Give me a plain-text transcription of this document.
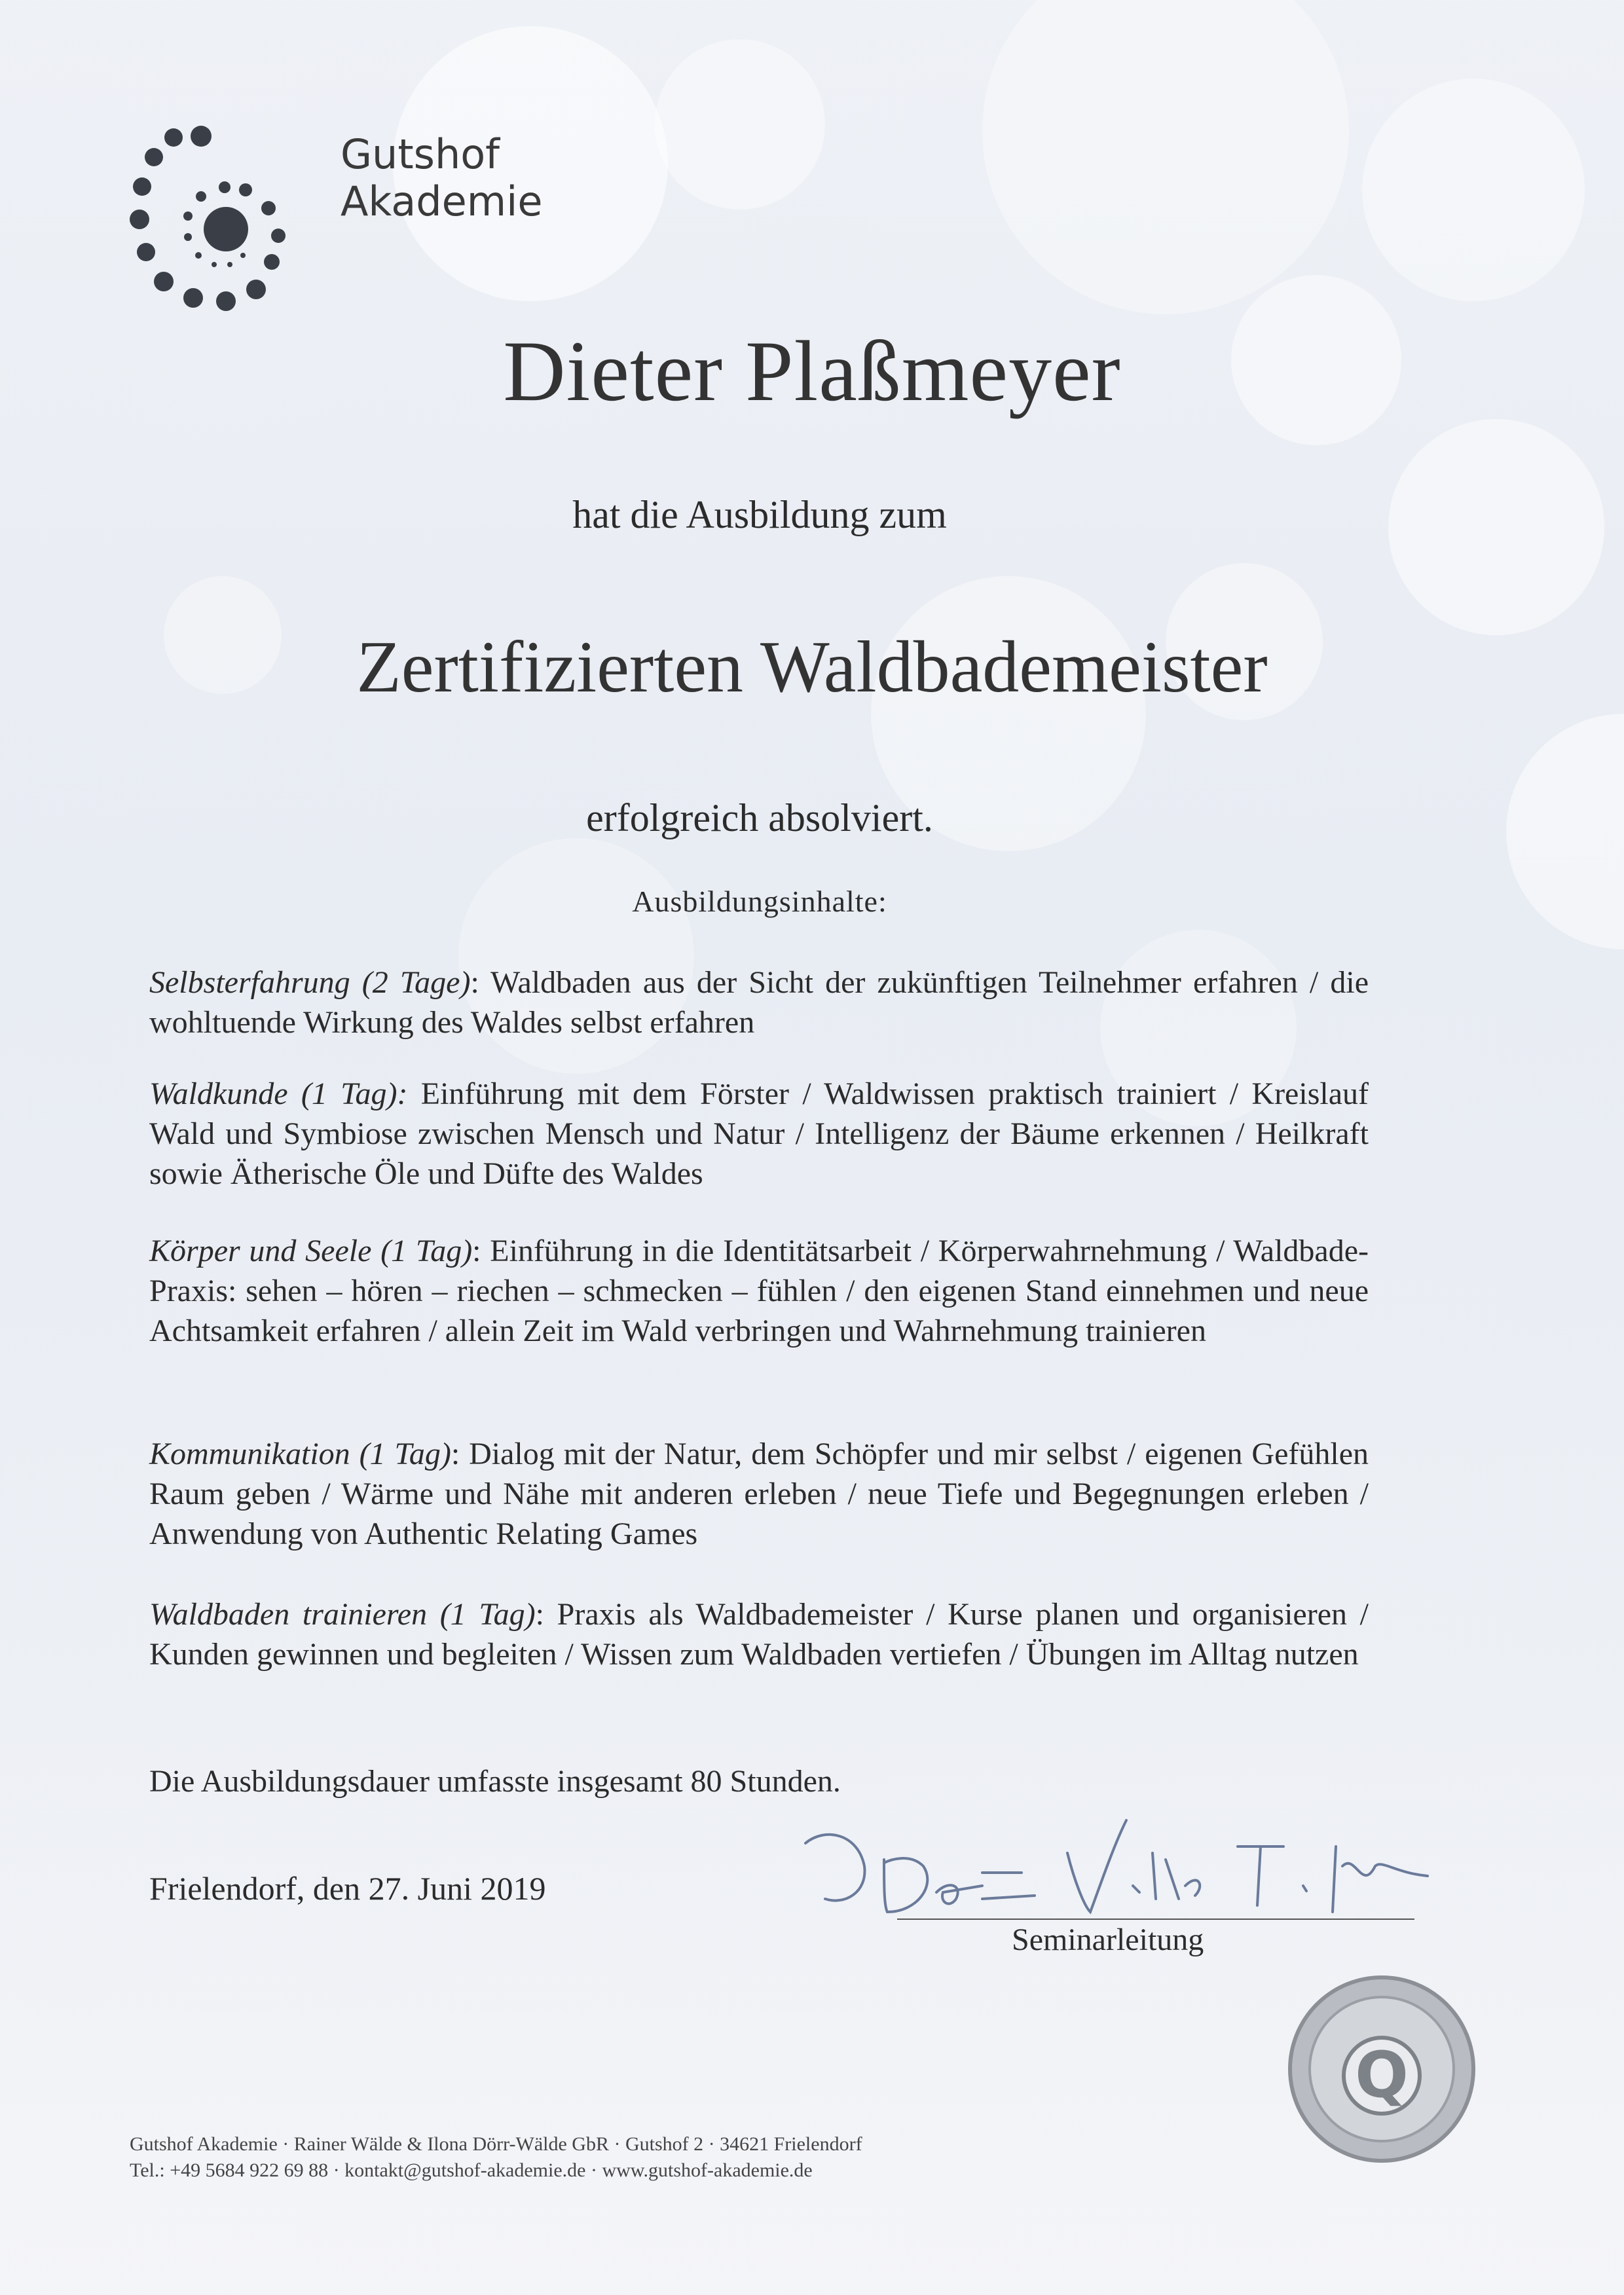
Gutshof
Akademie
Dieter Plaßmeyer
hat die Ausbildung zum
Zertifizierten Waldbademeister
erfolgreich absolviert.
Ausbildungsinhalte:
Selbsterfahrung (2 Tage): Waldbaden aus der Sicht der zukünftigen Teilnehmer erfahren / die wohltuende Wirkung des Waldes selbst erfahren
Waldkunde (1 Tag): Einführung mit dem Förster / Waldwissen praktisch trainiert / Kreislauf Wald und Symbiose zwischen Mensch und Natur / Intelligenz der Bäume erkennen / Heilkraft sowie Ätherische Öle und Düfte des Waldes
Körper und Seele (1 Tag): Einführung in die Identitätsarbeit / Körperwahrnehmung / Waldbade-Praxis: sehen – hören – riechen – schmecken – fühlen / den eigenen Stand einnehmen und neue Achtsamkeit erfahren / allein Zeit im Wald verbringen und Wahrnehmung trainieren
Kommunikation (1 Tag): Dialog mit der Natur, dem Schöpfer und mir selbst / eigenen Gefühlen Raum geben / Wärme und Nähe mit anderen erleben / neue Tiefe und Begegnungen erleben / Anwendung von Authentic Relating Games
Waldbaden trainieren (1 Tag): Praxis als Waldbademeister / Kurse planen und organisieren / Kunden gewinnen und begleiten / Wissen zum Waldbaden vertiefen / Übungen im Alltag nutzen
Die Ausbildungsdauer umfasste insgesamt 80 Stunden.
Frielendorf, den 27. Juni 2019
Seminarleitung
Q
Gutshof Akademie · Rainer Wälde & Ilona Dörr-Wälde GbR · Gutshof 2 · 34621 Frielendorf
Tel.: +49 5684 922 69 88 · kontakt@gutshof-akademie.de · www.gutshof-akademie.de
